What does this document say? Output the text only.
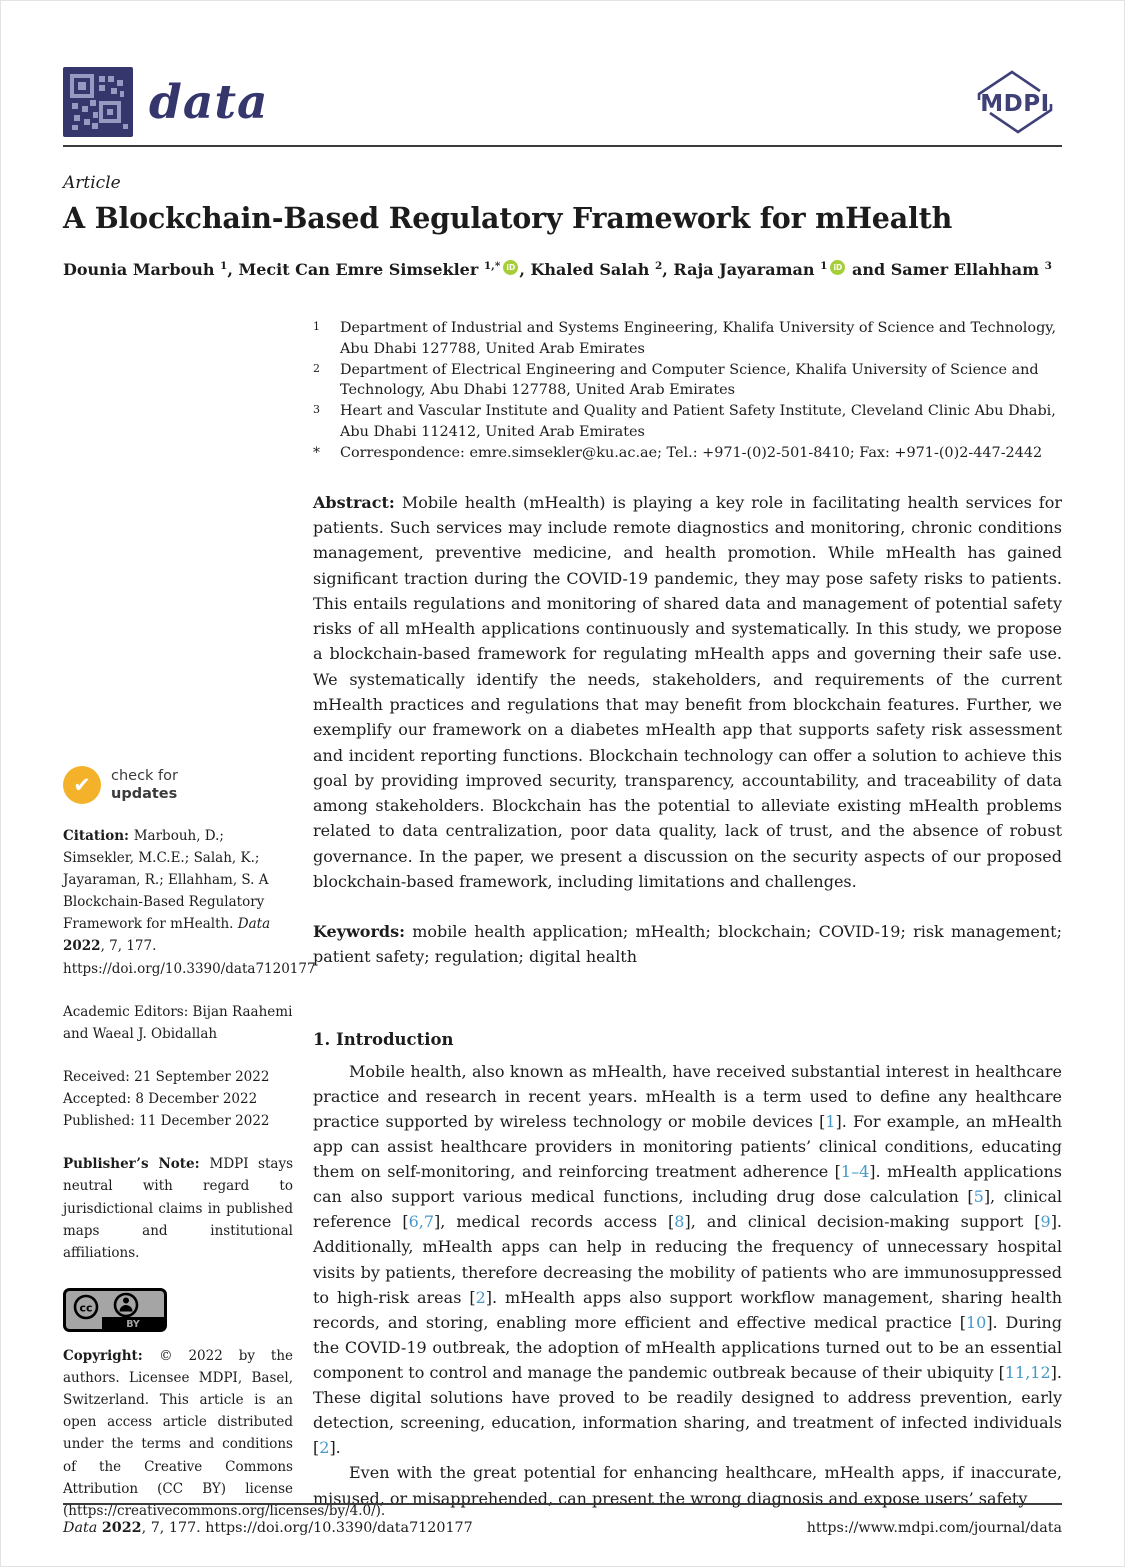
data	MDPI
Article
A Blockchain-Based Regulatory Framework for mHealth

Dounia Marbouh $^1$, Mecit Can Emre Simsekler $^{1,*}$ iD , Khaled Salah $^2$, Raja Jayaraman $^1$ iD and Samer Ellahham $^3$

✔	check for
updates

Citation: Marbouh, D.; Simsekler, M.C.E.; Salah, K.; Jayaraman, R.; Ellahham, S. A Blockchain-Based Regulatory Framework for mHealth. Data 2022, 7, 177. https://doi.org/10.3390/data7120177

Academic Editors: Bijan Raahemi and Waeal J. Obidallah

Received: 21 September 2022
Accepted: 8 December 2022
Published: 11 December 2022

Publisher’s Note: MDPI stays neutral with regard to jurisdictional claims in published maps and institutional affiliations.

BY
cc

Copyright: © 2022 by the authors. Licensee MDPI, Basel, Switzerland. This article is an open access article distributed under the terms and conditions of the Creative Commons Attribution (CC BY) license (https://creativecommons.org/licenses/by/4.0/).

1	Department of Industrial and Systems Engineering, Khalifa University of Science and Technology, Abu Dhabi 127788, United Arab Emirates
2	Department of Electrical Engineering and Computer Science, Khalifa University of Science and Technology, Abu Dhabi 127788, United Arab Emirates
3	Heart and Vascular Institute and Quality and Patient Safety Institute, Cleveland Clinic Abu Dhabi, Abu Dhabi 112412, United Arab Emirates
*	Correspondence: emre.simsekler@ku.ac.ae; Tel.: +971-(0)2-501-8410; Fax: +971-(0)2-447-2442

Abstract: Mobile health (mHealth) is playing a key role in facilitating health services for patients. Such services may include remote diagnostics and monitoring, chronic conditions management, preventive medicine, and health promotion. While mHealth has gained significant traction during the COVID-19 pandemic, they may pose safety risks to patients. This entails regulations and monitoring of shared data and management of potential safety risks of all mHealth applications continuously and systematically. In this study, we propose a blockchain-based framework for regulating mHealth apps and governing their safe use. We systematically identify the needs, stakeholders, and requirements of the current mHealth practices and regulations that may benefit from blockchain features. Further, we exemplify our framework on a diabetes mHealth app that supports safety risk assessment and incident reporting functions. Blockchain technology can offer a solution to achieve this goal by providing improved security, transparency, accountability, and traceability of data among stakeholders. Blockchain has the potential to alleviate existing mHealth problems related to data centralization, poor data quality, lack of trust, and the absence of robust governance. In the paper, we present a discussion on the security aspects of our proposed blockchain-based framework, including limitations and challenges.

Keywords: mobile health application; mHealth; blockchain; COVID-19; risk management; patient safety; regulation; digital health

1. Introduction

Mobile health, also known as mHealth, have received substantial interest in healthcare practice and research in recent years. mHealth is a term used to define any healthcare practice supported by wireless technology or mobile devices [1]. For example, an mHealth app can assist healthcare providers in monitoring patients’ clinical conditions, educating them on self-monitoring, and reinforcing treatment adherence [1–4]. mHealth applications can also support various medical functions, including drug dose calculation [5], clinical reference [6,7], medical records access [8], and clinical decision-making support [9]. Additionally, mHealth apps can help in reducing the frequency of unnecessary hospital visits by patients, therefore decreasing the mobility of patients who are immunosuppressed to high-risk areas [2]. mHealth apps also support workflow management, sharing health records, and storing, enabling more efficient and effective medical practice [10]. During the COVID-19 outbreak, the adoption of mHealth applications turned out to be an essential component to control and manage the pandemic outbreak because of their ubiquity [11,12]. These digital solutions have proved to be readily designed to address prevention, early detection, screening, education, information sharing, and treatment of infected individuals [2].

Even with the great potential for enhancing healthcare, mHealth apps, if inaccurate, misused, or misapprehended, can present the wrong diagnosis and expose users’ safety

Data 2022, 7, 177. https://doi.org/10.3390/data7120177	https://www.mdpi.com/journal/data
